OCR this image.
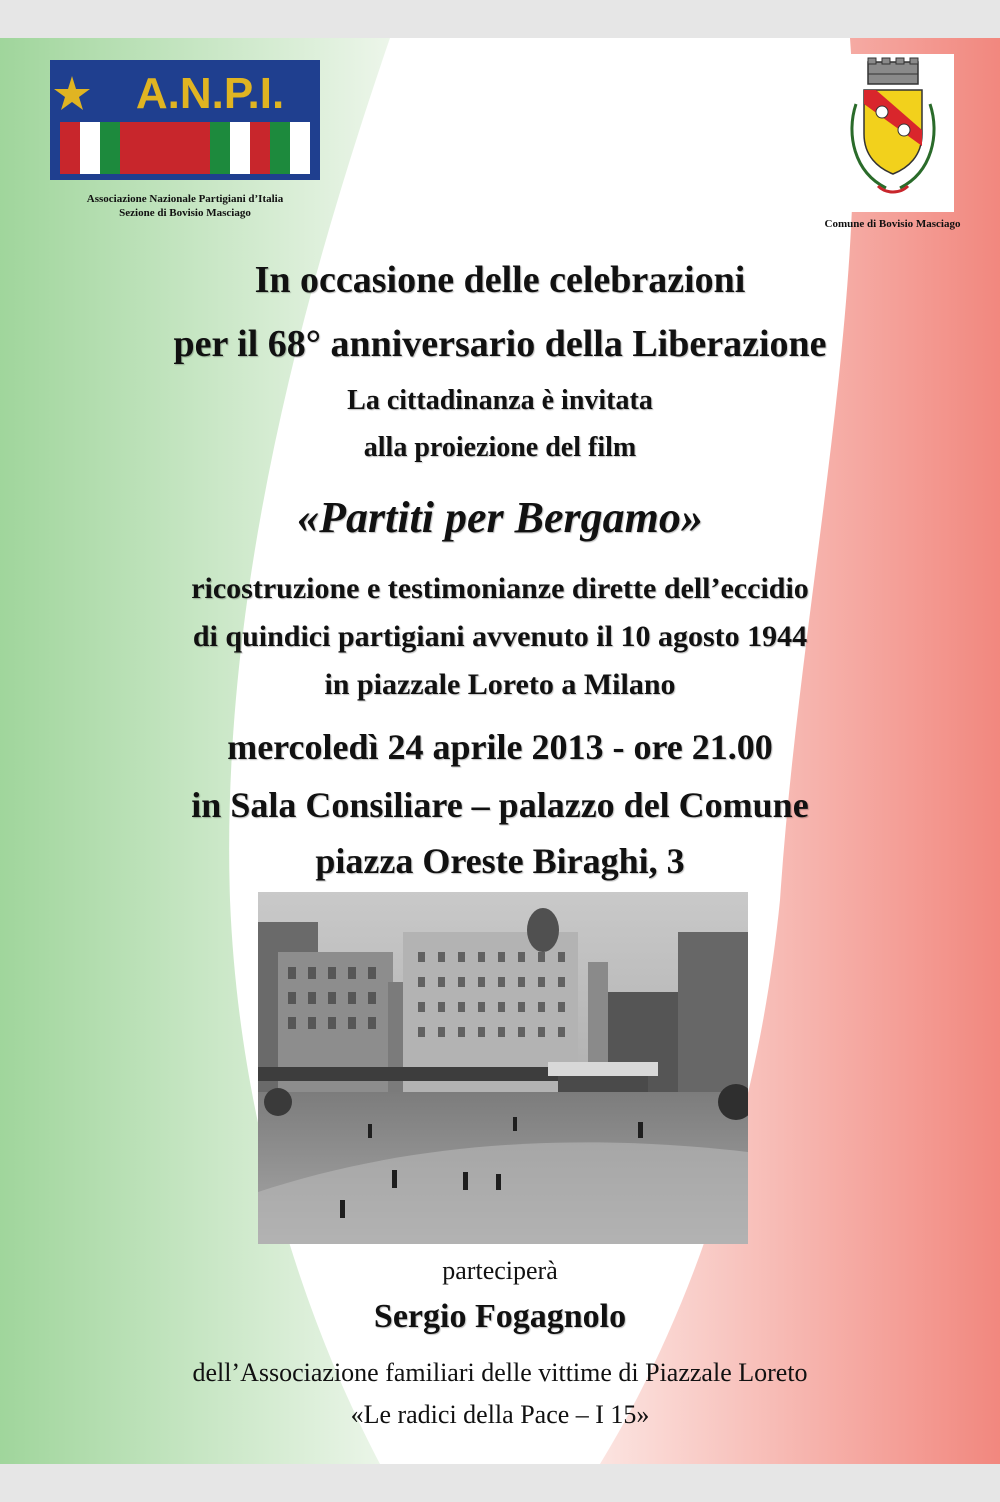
A.N.P.I.
Associazione Nazionale Partigiani d’Italia
Sezione di Bovisio Masciago
Comune di Bovisio Masciago
In occasione delle celebrazioni
per il 68° anniversario della Liberazione
La cittadinanza è invitata
alla proiezione del film
«Partiti per Bergamo»
ricostruzione e testimonianze dirette dell’eccidio
di quindici partigiani avvenuto il 10 agosto 1944
in piazzale Loreto a Milano
mercoledì 24 aprile 2013 - ore 21.00
in Sala Consiliare – palazzo del Comune
piazza Oreste Biraghi, 3
parteciperà
Sergio Fogagnolo
dell’Associazione familiari delle vittime di Piazzale Loreto
«Le radici della Pace – I 15»
